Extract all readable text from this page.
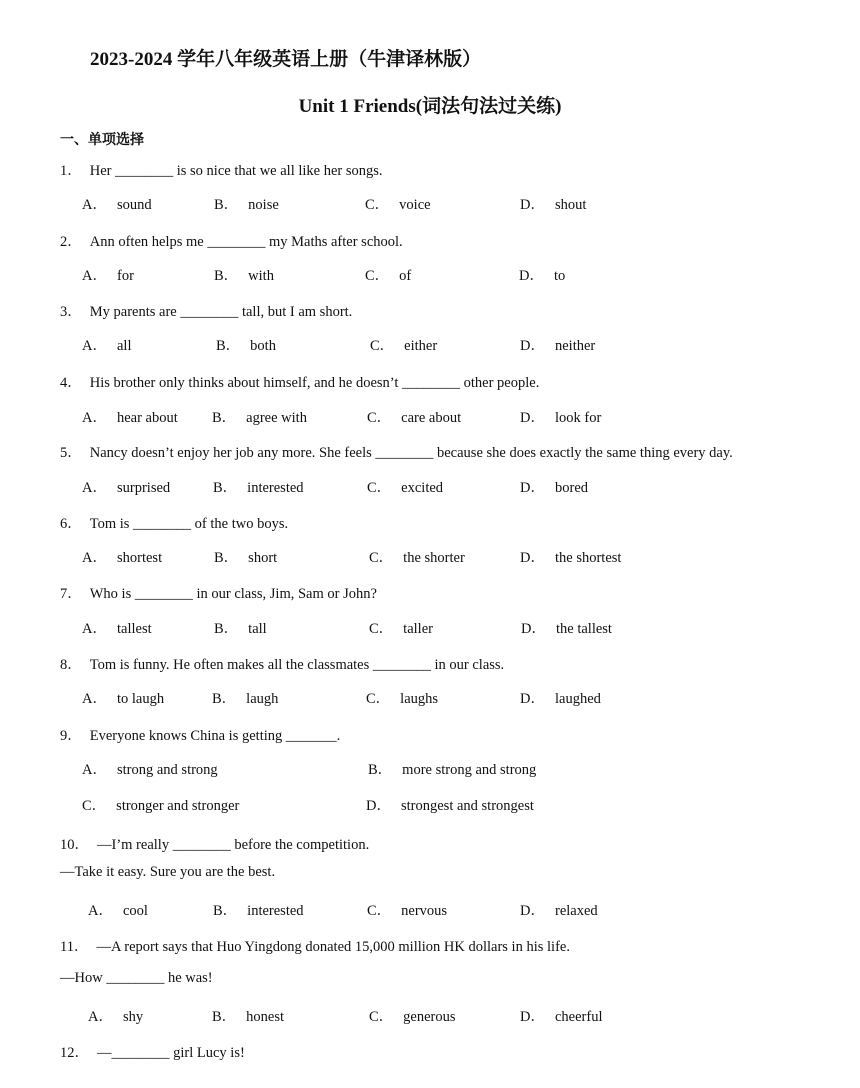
2023-2024 学年八年级英语上册（牛津译林版）
Unit 1 Friends(词法句法过关练)
一、单项选择
1． Her ________ is so nice that we all like her songs.
A． sound	B． noise	C． voice	D． shout
2． Ann often helps me ________ my Maths after school.
A． for	B． with	C． of	D． to
3． My parents are ________ tall, but I am short.
A． all	B． both	C． either	D． neither
4． His brother only thinks about himself, and he doesn’t ________ other people.
A． hear about B． agree with	C． care about	D． look for
5． Nancy doesn’t enjoy her job any more. She feels ________ because she does exactly the same thing every day.
A． surprised	B． interested	C． excited	D． bored
6． Tom is ________ of the two boys.
A． shortest	B． short	C． the shorter	D． the shortest
7． Who is ________ in our class, Jim, Sam or John?
A． tallest	B． tall	C． taller	D． the tallest
8． Tom is funny. He often makes all the classmates ________ in our class.
A． to laugh	B． laugh	C． laughs	D． laughed
9． Everyone knows China is getting _______.
A． strong and strong	B． more strong and strong
C． stronger and stronger	D． strongest and strongest
10． —I’m really ________ before the competition.
—Take it easy. Sure you are the best.
A． cool	B． interested	C． nervous	D． relaxed
11． —A report says that Huo Yingdong donated 15,000 million HK dollars in his life.
—How ________ he was!
A． shy	B． honest	C． generous	D． cheerful
12． —________ girl Lucy is!
